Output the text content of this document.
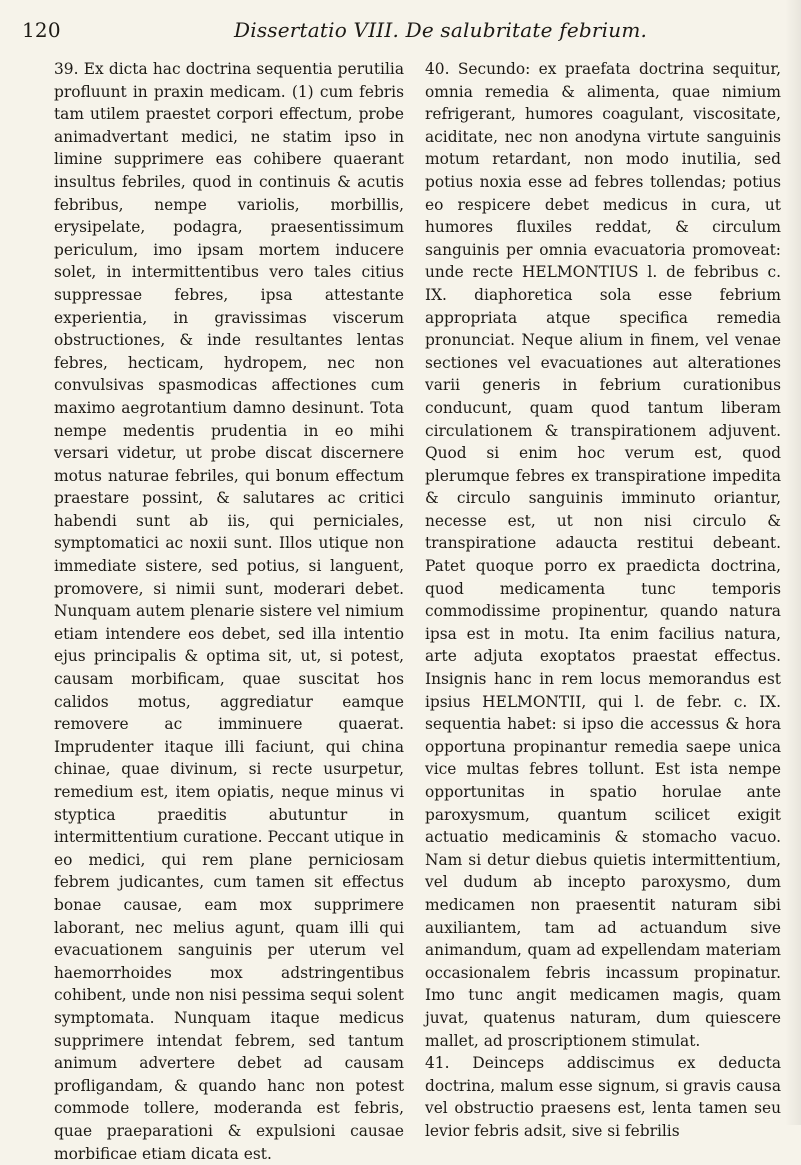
120	Dissertatio VIII. De salubritate febrium.

39. Ex dicta hac doctrina sequentia perutilia profluunt in praxin medicam. (1) cum febris tam utilem praestet corpori effectum, probe animadvertant medici, ne statim ipso in limine supprimere eas cohibere quaerant insultus febriles, quod in continuis & acutis febribus, nempe variolis, morbillis, erysipelate, podagra, praesentissimum periculum, imo ipsam mortem inducere solet, in intermittentibus vero tales citius suppressae febres, ipsa attestante experientia, in gravissimas viscerum obstructiones, & inde resultantes lentas febres, hecticam, hydropem, nec non convulsivas spasmodicas affectiones cum maximo aegrotantium damno desinunt. Tota nempe medentis prudentia in eo mihi versari videtur, ut probe discat discernere motus naturae febriles, qui bonum effectum praestare possint, & salutares ac critici habendi sunt ab iis, qui perniciales, symptomatici ac noxii sunt. Illos utique non immediate sistere, sed potius, si languent, promovere, si nimii sunt, moderari debet. Nunquam autem plenarie sistere vel nimium etiam intendere eos debet, sed illa intentio ejus principalis & optima sit, ut, si potest, causam morbificam, quae suscitat hos calidos motus, aggrediatur eamque removere ac imminuere quaerat. Imprudenter itaque illi faciunt, qui china chinae, quae divinum, si recte usurpetur, remedium est, item opiatis, neque minus vi styptica praeditis abutuntur in intermittentium curatione. Peccant utique in eo medici, qui rem plane perniciosam febrem judicantes, cum tamen sit effectus bonae causae, eam mox supprimere laborant, nec melius agunt, quam illi qui evacuationem sanguinis per uterum vel haemorrhoides mox adstringentibus cohibent, unde non nisi pessima sequi solent symptomata. Nunquam itaque medicus supprimere intendat febrem, sed tantum animum advertere debet ad causam profligandam, & quando hanc non potest commode tollere, moderanda est febris, quae praeparationi & expulsioni causae morbificae etiam dicata est.

40. Secundo: ex praefata doctrina sequitur, omnia remedia & alimenta, quae nimium refrigerant, humores coagulant, viscositate, aciditate, nec non anodyna virtute sanguinis motum retardant, non modo inutilia, sed potius noxia esse ad febres tollendas; potius eo respicere debet medicus in cura, ut humores fluxiles reddat, & circulum sanguinis per omnia evacuatoria promoveat: unde recte HELMONTIUS l. de febribus c. IX. diaphoretica sola esse febrium appropriata atque specifica remedia pronunciat. Neque alium in finem, vel venae sectiones vel evacuationes aut alterationes varii generis in febrium curationibus conducunt, quam quod tantum liberam circulationem & transpirationem adjuvent. Quod si enim hoc verum est, quod plerumque febres ex transpiratione impedita & circulo sanguinis imminuto oriantur, necesse est, ut non nisi circulo & transpiratione adaucta restitui debeant. Patet quoque porro ex praedicta doctrina, quod medicamenta tunc temporis commodissime propinentur, quando natura ipsa est in motu. Ita enim facilius natura, arte adjuta exoptatos praestat effectus. Insignis hanc in rem locus memorandus est ipsius HELMONTII, qui l. de febr. c. IX. sequentia habet: si ipso die accessus & hora opportuna propinantur remedia saepe unica vice multas febres tollunt. Est ista nempe opportunitas in spatio horulae ante paroxysmum, quantum scilicet exigit actuatio medicaminis & stomacho vacuo. Nam si detur diebus quietis intermittentium, vel dudum ab incepto paroxysmo, dum medicamen non praesentit naturam sibi auxiliantem, tam ad actuandum sive animandum, quam ad expellendam materiam occasionalem febris incassum propinatur. Imo tunc angit medicamen magis, quam juvat, quatenus naturam, dum quiescere mallet, ad proscriptionem stimulat.

41. Deinceps addiscimus ex deducta doctrina, malum esse signum, si gravis causa vel obstructio praesens est, lenta tamen seu levior febris adsit, sive si febrilis
